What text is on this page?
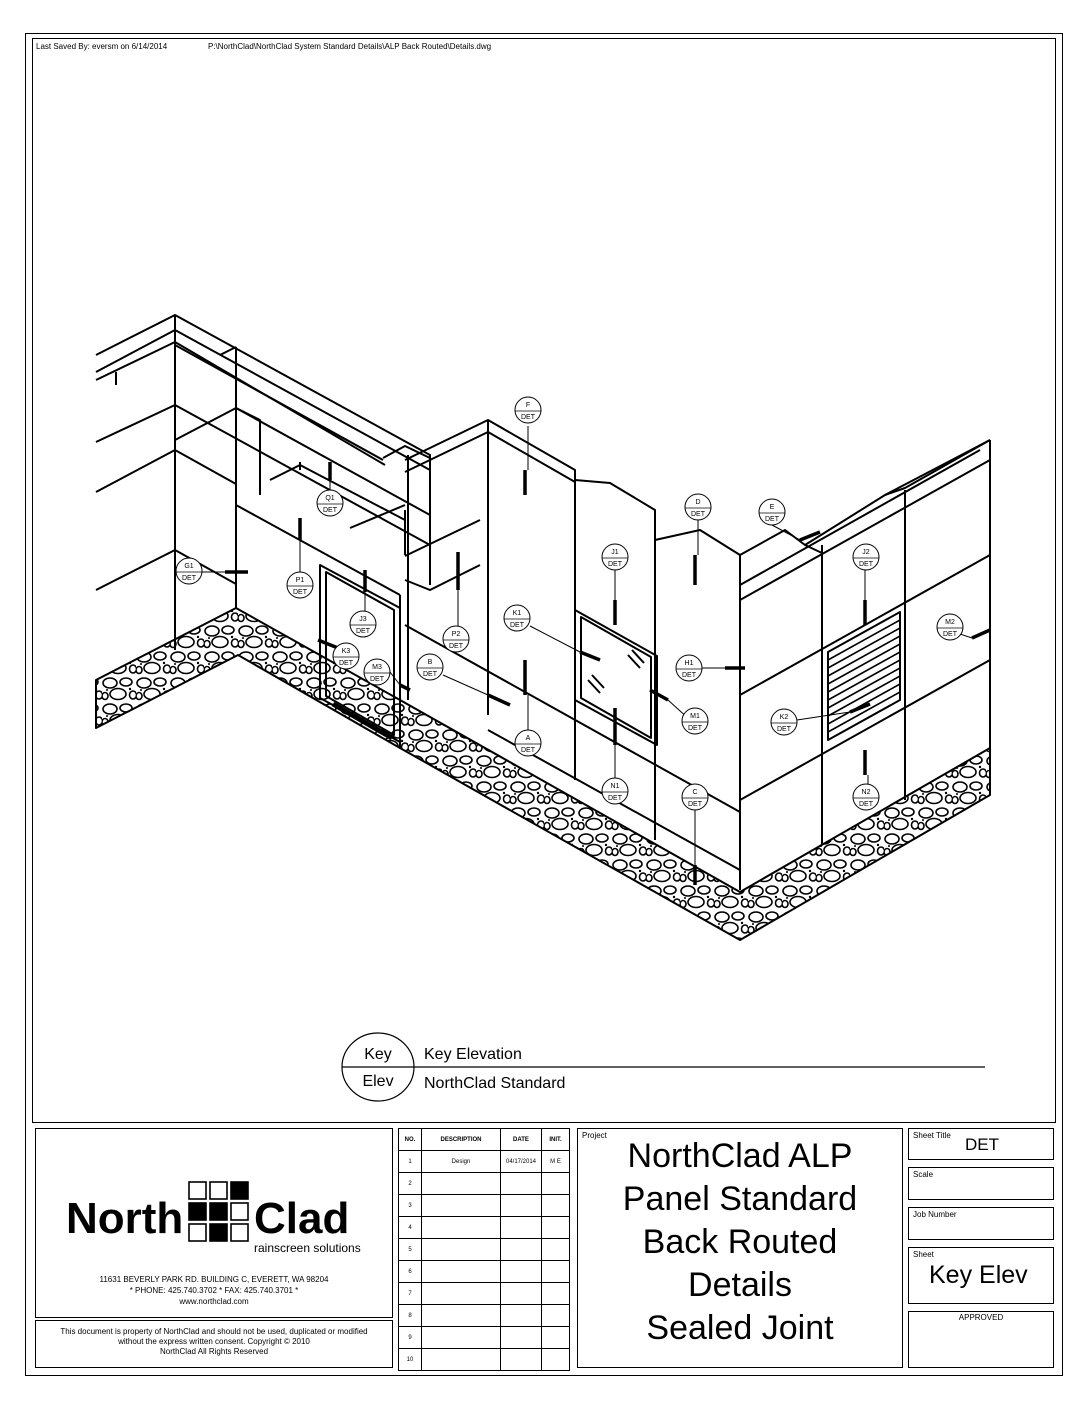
Last Saved By: eversm on 6/14/2014	P:\NorthClad\NorthClad System Standard Details\ALP Back Routed\Details.dwg
F
DET
Q1
DET
D
DET
E
DET
G1
DET	P1
DET
J1
DET
J2
DET
J3
DET
K1
DET
P2
DET
M2
DET
K3
DET	B
DET
M3
DET
H1
DET
M1
DET
K2
DET
A
DET
N1
DET
C
DET
N2
DET
Key
Elev
Key Elevation
NorthClad Standard
North Clad
rainscreen solutions
11631 BEVERLY PARK RD. BUILDING C, EVERETT, WA 98204
* PHONE: 425.740.3702 * FAX: 425.740.3701 *
www.northclad.com
This document is property of NorthClad and should not be used, duplicated or modified
without the express written consent. Copyright © 2010
NorthClad All Rights Reserved
NO.	DESCRIPTION	DATE	INIT.
1	Design	04/17/2014	M E
2			
3			
4			
5			
6			
7			
8			
9			
10			
Project
NorthClad ALP
Panel Standard
Back Routed
Details
Sealed Joint
Sheet Title DET
Scale
Job Number
Sheet
Key Elev
APPROVED
